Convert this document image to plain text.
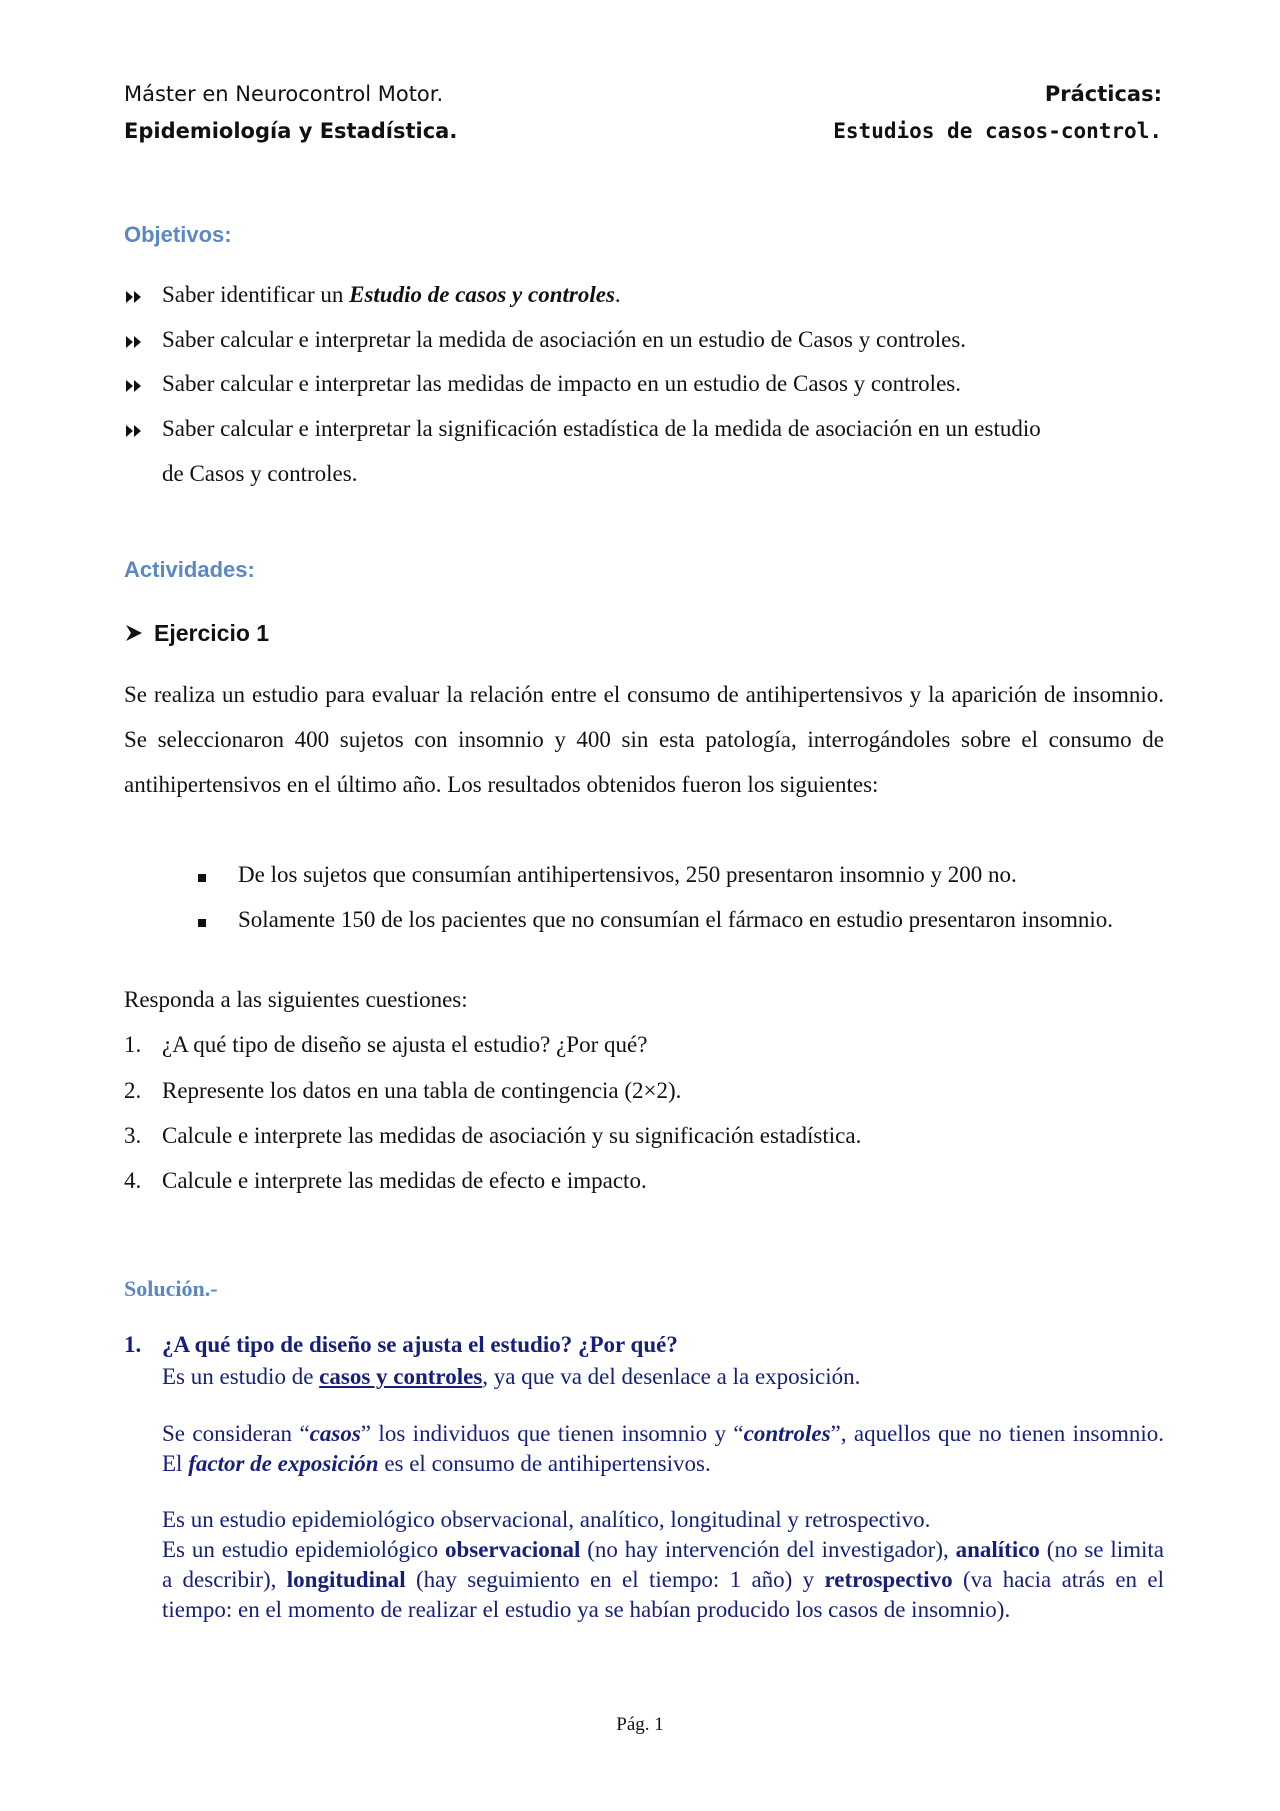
Máster en Neurocontrol Motor.
Epidemiología y Estadística.
Prácticas:
Estudios de casos-control.
Objetivos:
Saber identificar un Estudio de casos y controles.
Saber calcular e interpretar la medida de asociación en un estudio de Casos y controles.
Saber calcular e interpretar las medidas de impacto en un estudio de Casos y controles.
Saber calcular e interpretar la significación estadística de la medida de asociación en un estudio
de Casos y controles.
Actividades:
Ejercicio 1
Se realiza un estudio para evaluar la relación entre el consumo de antihipertensivos y la aparición de insomnio. Se seleccionaron 400 sujetos con insomnio y 400 sin esta patología, interrogándoles sobre el consumo de antihipertensivos en el último año. Los resultados obtenidos fueron los siguientes:
De los sujetos que consumían antihipertensivos, 250 presentaron insomnio y 200 no.
Solamente 150 de los pacientes que no consumían el fármaco en estudio presentaron insomnio.
Responda a las siguientes cuestiones:
1. ¿A qué tipo de diseño se ajusta el estudio? ¿Por qué?
2. Represente los datos en una tabla de contingencia (2×2).
3. Calcule e interprete las medidas de asociación y su significación estadística.
4. Calcule e interprete las medidas de efecto e impacto.
Solución.-
1. ¿A qué tipo de diseño se ajusta el estudio? ¿Por qué?
Es un estudio de casos y controles, ya que va del desenlace a la exposición.
Se consideran “casos” los individuos que tienen insomnio y “controles”, aquellos que no tienen insomnio. El factor de exposición es el consumo de antihipertensivos.
Es un estudio epidemiológico observacional, analítico, longitudinal y retrospectivo.
Es un estudio epidemiológico observacional (no hay intervención del investigador), analítico (no se limita a describir), longitudinal (hay seguimiento en el tiempo: 1 año) y retrospectivo (va hacia atrás en el tiempo: en el momento de realizar el estudio ya se habían producido los casos de insomnio).
Pág. 1
